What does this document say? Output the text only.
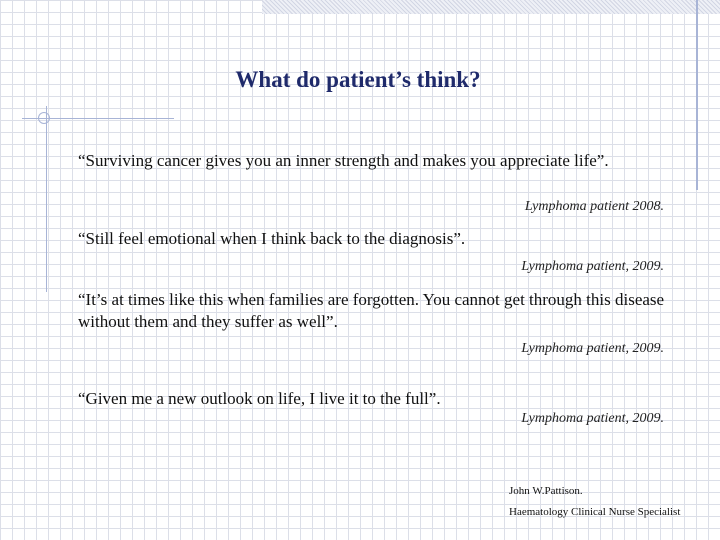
What do patient’s think?
“Surviving cancer gives you an inner strength and makes you appreciate life”.
Lymphoma patient 2008.
“Still feel emotional when I think back to the diagnosis”.
Lymphoma patient, 2009.
“It’s at times like this when families are forgotten. You cannot get through this disease without them and they suffer as well”.
Lymphoma patient, 2009.
“Given me a new outlook on life, I live it to the full”.
Lymphoma patient, 2009.
John W.Pattison.
Haematology Clinical Nurse Specialist
